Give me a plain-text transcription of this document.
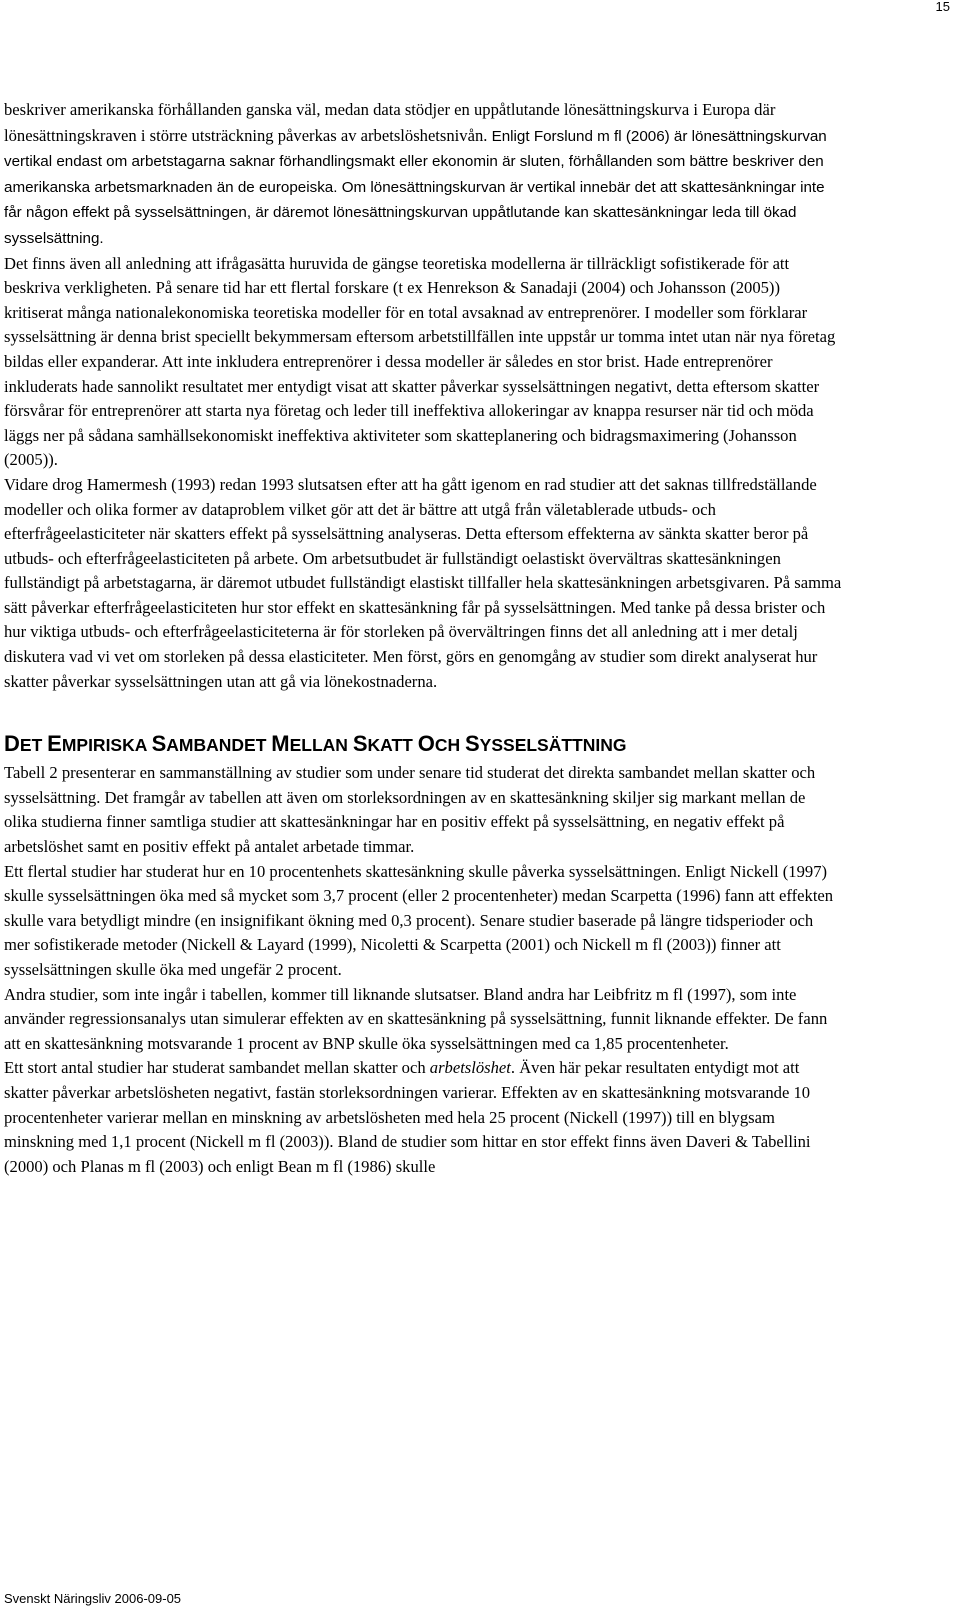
15

beskriver amerikanska förhållanden ganska väl, medan data stödjer en uppåtlutande lönesättningskurva i Europa där lönesättningskraven i större utsträckning påverkas av arbetslöshetsnivån. Enligt Forslund m fl (2006) är lönesättningskurvan vertikal endast om arbetstagarna saknar förhandlingsmakt eller ekonomin är sluten, förhållanden som bättre beskriver den amerikanska arbetsmarknaden än de europeiska. Om lönesättningskurvan är vertikal innebär det att skattesänkningar inte får någon effekt på sysselsättningen, är däremot lönesättningskurvan uppåtlutande kan skattesänkningar leda till ökad sysselsättning.

Det finns även all anledning att ifrågasätta huruvida de gängse teoretiska modellerna är tillräckligt sofistikerade för att beskriva verkligheten. På senare tid har ett flertal forskare (t ex Henrekson & Sanadaji (2004) och Johansson (2005)) kritiserat många nationalekonomiska teoretiska modeller för en total avsaknad av entreprenörer. I modeller som förklarar sysselsättning är denna brist speciellt bekymmersam eftersom arbetstillfällen inte uppstår ur tomma intet utan när nya företag bildas eller expanderar. Att inte inkludera entreprenörer i dessa modeller är således en stor brist. Hade entreprenörer inkluderats hade sannolikt resultatet mer entydigt visat att skatter påverkar sysselsättningen negativt, detta eftersom skatter försvårar för entreprenörer att starta nya företag och leder till ineffektiva allokeringar av knappa resurser när tid och möda läggs ner på sådana samhällsekonomiskt ineffektiva aktiviteter som skatteplanering och bidragsmaximering (Johansson (2005)).

Vidare drog Hamermesh (1993) redan 1993 slutsatsen efter att ha gått igenom en rad studier att det saknas tillfredställande modeller och olika former av dataproblem vilket gör att det är bättre att utgå från väletablerade utbuds- och efterfrågeelasticiteter när skatters effekt på sysselsättning analyseras. Detta eftersom effekterna av sänkta skatter beror på utbuds- och efterfrågeelasticiteten på arbete. Om arbetsutbudet är fullständigt oelastiskt övervältras skattesänkningen fullständigt på arbetstagarna, är däremot utbudet fullständigt elastiskt tillfaller hela skattesänkningen arbetsgivaren. På samma sätt påverkar efterfrågeelasticiteten hur stor effekt en skattesänkning får på sysselsättningen. Med tanke på dessa brister och hur viktiga utbuds- och efterfrågeelasticiteterna är för storleken på övervältringen finns det all anledning att i mer detalj diskutera vad vi vet om storleken på dessa elasticiteter. Men först, görs en genomgång av studier som direkt analyserat hur skatter påverkar sysselsättningen utan att gå via lönekostnaderna.

DET EMPIRISKA SAMBANDET MELLAN SKATT OCH SYSSELSÄTTNING

Tabell 2 presenterar en sammanställning av studier som under senare tid studerat det direkta sambandet mellan skatter och sysselsättning. Det framgår av tabellen att även om storleksordningen av en skattesänkning skiljer sig markant mellan de olika studierna finner samtliga studier att skattesänkningar har en positiv effekt på sysselsättning, en negativ effekt på arbetslöshet samt en positiv effekt på antalet arbetade timmar.

Ett flertal studier har studerat hur en 10 procentenhets skattesänkning skulle påverka sysselsättningen. Enligt Nickell (1997) skulle sysselsättningen öka med så mycket som 3,7 procent (eller 2 procentenheter) medan Scarpetta (1996) fann att effekten skulle vara betydligt mindre (en insignifikant ökning med 0,3 procent). Senare studier baserade på längre tidsperioder och mer sofistikerade metoder (Nickell & Layard (1999), Nicoletti & Scarpetta (2001) och Nickell m fl (2003)) finner att sysselsättningen skulle öka med ungefär 2 procent.

Andra studier, som inte ingår i tabellen, kommer till liknande slutsatser. Bland andra har Leibfritz m fl (1997), som inte använder regressionsanalys utan simulerar effekten av en skattesänkning på sysselsättning, funnit liknande effekter. De fann att en skattesänkning motsvarande 1 procent av BNP skulle öka sysselsättningen med ca 1,85 procentenheter.

Ett stort antal studier har studerat sambandet mellan skatter och arbetslöshet. Även här pekar resultaten entydigt mot att skatter påverkar arbetslösheten negativt, fastän storleksordningen varierar. Effekten av en skattesänkning motsvarande 10 procentenheter varierar mellan en minskning av arbetslösheten med hela 25 procent (Nickell (1997)) till en blygsam minskning med 1,1 procent (Nickell m fl (2003)). Bland de studier som hittar en stor effekt finns även Daveri & Tabellini (2000) och Planas m fl (2003) och enligt Bean m fl (1986) skulle

Svenskt Näringsliv 2006-09-05
